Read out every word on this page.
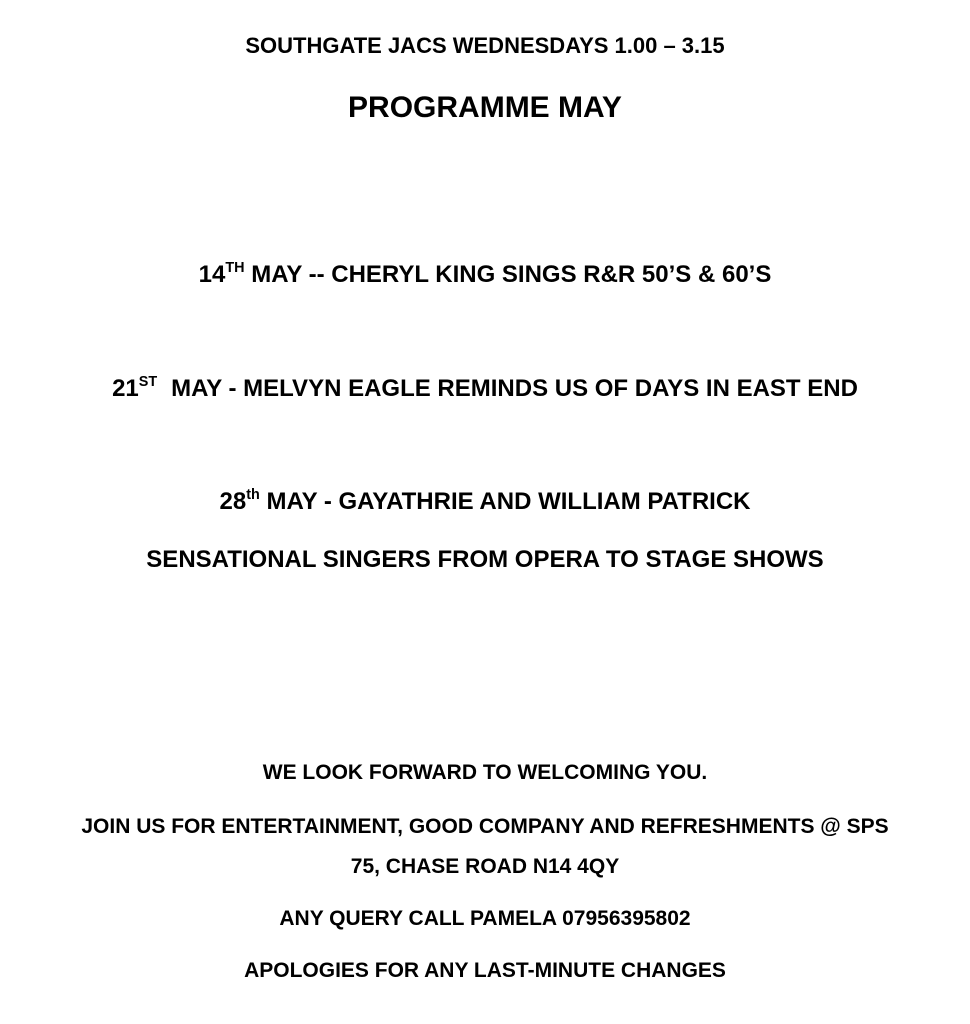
SOUTHGATE JACS WEDNESDAYS 1.00 – 3.15
PROGRAMME MAY
14TH MAY -- CHERYL KING SINGS R&R 50’S & 60’S
21ST MAY - MELVYN EAGLE REMINDS US OF DAYS IN EAST END
28th MAY - GAYATHRIE AND WILLIAM PATRICK
SENSATIONAL SINGERS FROM OPERA TO STAGE SHOWS
WE LOOK FORWARD TO WELCOMING YOU.
JOIN US FOR ENTERTAINMENT, GOOD COMPANY AND REFRESHMENTS @ SPS
75, CHASE ROAD N14 4QY
ANY QUERY CALL PAMELA 07956395802
APOLOGIES FOR ANY LAST-MINUTE CHANGES
